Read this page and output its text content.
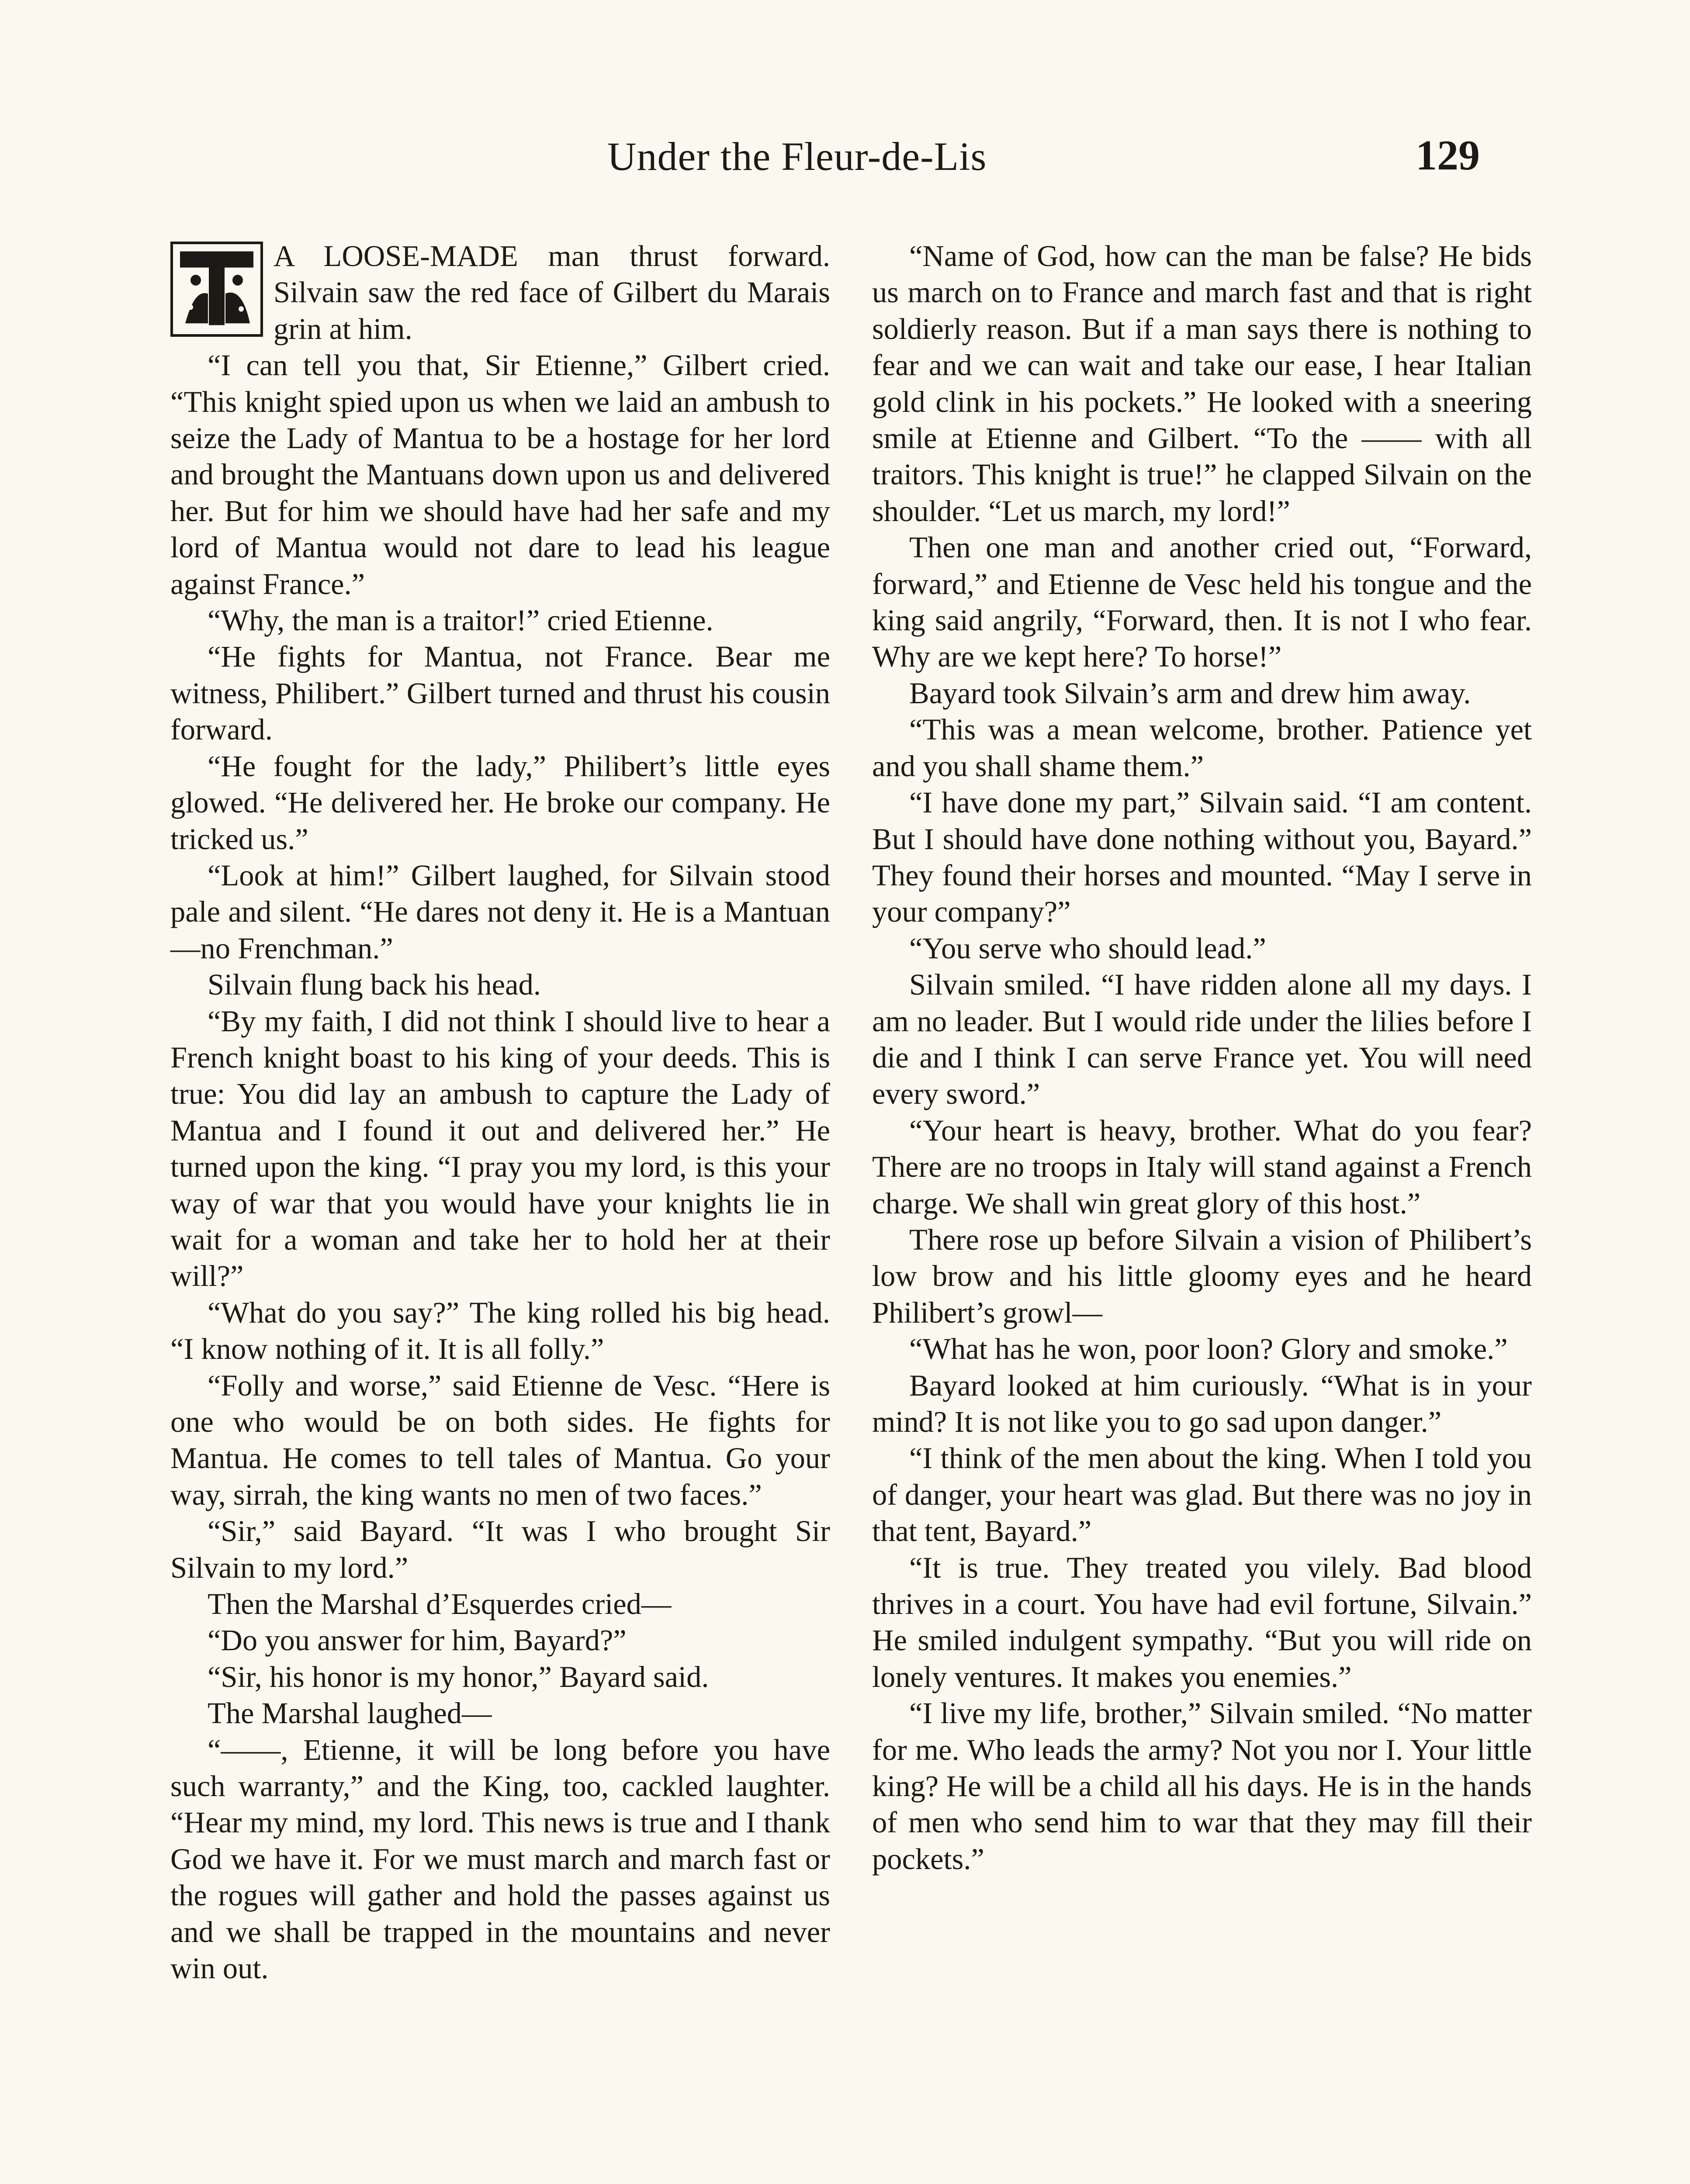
Under the Fleur-de-Lis	129

A LOOSE-MADE man thrust forward. Silvain saw the red face of Gilbert du Marais grin at him.

“I can tell you that, Sir Etienne,” Gilbert cried. “This knight spied upon us when we laid an ambush to seize the Lady of Mantua to be a hostage for her lord and brought the Mantuans down upon us and delivered her. But for him we should have had her safe and my lord of Mantua would not dare to lead his league against France.”

“Why, the man is a traitor!” cried Etienne.

“He fights for Mantua, not France. Bear me witness, Philibert.” Gilbert turned and thrust his cousin forward.

“He fought for the lady,” Philibert’s little eyes glowed. “He delivered her. He broke our company. He tricked us.”

“Look at him!” Gilbert laughed, for Silvain stood pale and silent. “He dares not deny it. He is a Mantuan—no Frenchman.”

Silvain flung back his head.

“By my faith, I did not think I should live to hear a French knight boast to his king of your deeds. This is true: You did lay an ambush to capture the Lady of Mantua and I found it out and delivered her.” He turned upon the king. “I pray you my lord, is this your way of war that you would have your knights lie in wait for a woman and take her to hold her at their will?”

“What do you say?” The king rolled his big head. “I know nothing of it. It is all folly.”

“Folly and worse,” said Etienne de Vesc. “Here is one who would be on both sides. He fights for Mantua. He comes to tell tales of Mantua. Go your way, sirrah, the king wants no men of two faces.”

“Sir,” said Bayard. “It was I who brought Sir Silvain to my lord.”

Then the Marshal d’Esquerdes cried—

“Do you answer for him, Bayard?”

“Sir, his honor is my honor,” Bayard said.

The Marshal laughed—

“——, Etienne, it will be long before you have such warranty,” and the King, too, cackled laughter. “Hear my mind, my lord. This news is true and I thank God we have it. For we must march and march fast or the rogues will gather and hold the passes against us and we shall be trapped in the mountains and never win out.

“Name of God, how can the man be false? He bids us march on to France and march fast and that is right soldierly reason. But if a man says there is nothing to fear and we can wait and take our ease, I hear Italian gold clink in his pockets.” He looked with a sneering smile at Etienne and Gilbert. “To the —— with all traitors. This knight is true!” he clapped Silvain on the shoulder. “Let us march, my lord!”

Then one man and another cried out, “Forward, forward,” and Etienne de Vesc held his tongue and the king said angrily, “Forward, then. It is not I who fear. Why are we kept here? To horse!”

Bayard took Silvain’s arm and drew him away.

“This was a mean welcome, brother. Patience yet and you shall shame them.”

“I have done my part,” Silvain said. “I am content. But I should have done nothing without you, Bayard.” They found their horses and mounted. “May I serve in your company?”

“You serve who should lead.”

Silvain smiled. “I have ridden alone all my days. I am no leader. But I would ride under the lilies before I die and I think I can serve France yet. You will need every sword.”

“Your heart is heavy, brother. What do you fear? There are no troops in Italy will stand against a French charge. We shall win great glory of this host.”

There rose up before Silvain a vision of Philibert’s low brow and his little gloomy eyes and he heard Philibert’s growl—

“What has he won, poor loon? Glory and smoke.”

Bayard looked at him curiously. “What is in your mind? It is not like you to go sad upon danger.”

“I think of the men about the king. When I told you of danger, your heart was glad. But there was no joy in that tent, Bayard.”

“It is true. They treated you vilely. Bad blood thrives in a court. You have had evil fortune, Silvain.” He smiled indulgent sympathy. “But you will ride on lonely ventures. It makes you enemies.”

“I live my life, brother,” Silvain smiled. “No matter for me. Who leads the army? Not you nor I. Your little king? He will be a child all his days. He is in the hands of men who send him to war that they may fill their pockets.”
